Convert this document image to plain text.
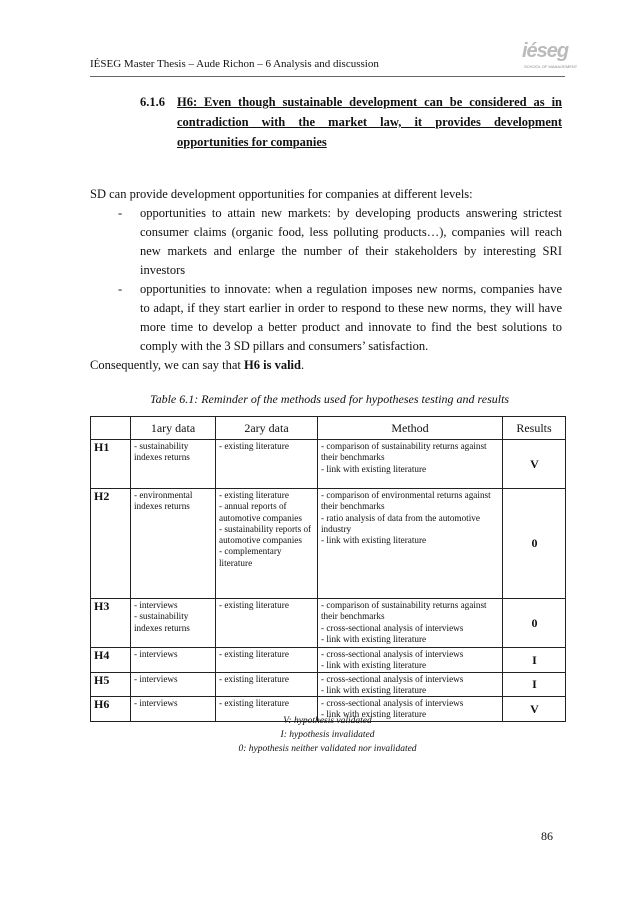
IÉSEG Master Thesis – Aude Richon – 6 Analysis and discussion
iéseg
SCHOOL OF MANAGEMENT
6.1.6 H6: Even though sustainable development can be considered as in contradiction with the market law, it provides development opportunities for companies
SD can provide development opportunities for companies at different levels:
- opportunities to attain new markets: by developing products answering strictest consumer claims (organic food, less polluting products…), companies will reach new markets and enlarge the number of their stakeholders by interesting SRI investors
- opportunities to innovate: when a regulation imposes new norms, companies have to adapt, if they start earlier in order to respond to these new norms, they will have more time to develop a better product and innovate to find the best solutions to comply with the 3 SD pillars and consumers’ satisfaction.
Consequently, we can say that H6 is valid.
Table 6.1: Reminder of the methods used for hypotheses testing and results
	1ary data	2ary data	Method	Results
H1	- sustainability indexes returns	- existing literature	- comparison of sustainability returns against their benchmarks
- link with existing literature	V
H2	- environmental indexes returns	- existing literature
- annual reports of automotive companies
- sustainability reports of automotive companies
- complementary literature	- comparison of environmental returns against their benchmarks
- ratio analysis of data from the automotive industry
- link with existing literature	0
H3	- interviews
- sustainability indexes returns	- existing literature	- comparison of sustainability returns against their benchmarks
- cross-sectional analysis of interviews
- link with existing literature	0
H4	- interviews	- existing literature	- cross-sectional analysis of interviews
- link with existing literature	I
H5	- interviews	- existing literature	- cross-sectional analysis of interviews
- link with existing literature	I
H6	- interviews	- existing literature	- cross-sectional analysis of interviews
- link with existing literature	V
V: hypothesis validated
I: hypothesis invalidated
0: hypothesis neither validated nor invalidated
86
